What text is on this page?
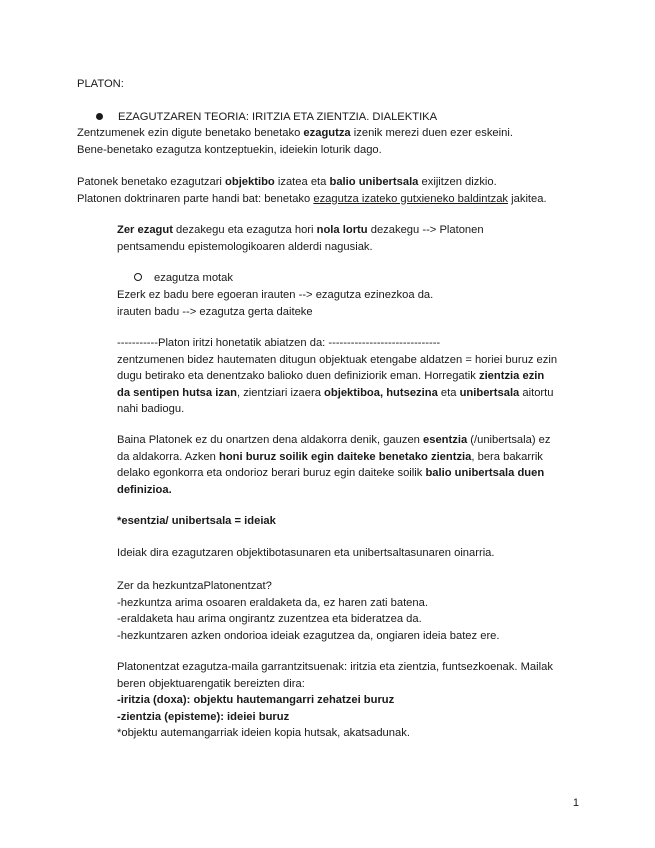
PLATON:

EZAGUTZAREN TEORIA: IRITZIA ETA ZIENTZIA. DIALEKTIKA

Zentzumenek ezin digute benetako benetako ezagutza izenik merezi duen ezer eskeini.

Bene-benetako ezagutza kontzeptuekin, ideiekin loturik dago.

Patonek benetako ezagutzari objektibo izatea eta balio unibertsala exijitzen dizkio.

Platonen doktrinaren parte handi bat: benetako ezagutza izateko gutxieneko baldintzak jakitea.

Zer ezagut dezakegu eta ezagutza hori nola lortu dezakegu --> Platonen

pentsamendu epistemologikoaren alderdi nagusiak.

ezagutza motak

Ezerk ez badu bere egoeran irauten --> ezagutza ezinezkoa da.

irauten badu --> ezagutza gerta daiteke

-----------Platon iritzi honetatik abiatzen da: ------------------------------

zentzumenen bidez hautematen ditugun objektuak etengabe aldatzen = horiei buruz ezin

dugu betirako eta denentzako balioko duen definiziorik eman. Horregatik zientzia ezin

da sentipen hutsa izan, zientziari izaera objektiboa, hutsezina eta unibertsala aitortu

nahi badiogu.

Baina Platonek ez du onartzen dena aldakorra denik, gauzen esentzia (/unibertsala) ez

da aldakorra. Azken honi buruz soilik egin daiteke benetako zientzia, bera bakarrik

delako egonkorra eta ondorioz berari buruz egin daiteke soilik balio unibertsala duen

definizioa.

*esentzia/ unibertsala = ideiak

Ideiak dira ezagutzaren objektibotasunaren eta unibertsaltasunaren oinarria.

Zer da hezkuntzaPlatonentzat?

-hezkuntza arima osoaren eraldaketa da, ez haren zati batena.

-eraldaketa hau arima ongirantz zuzentzea eta bideratzea da.

-hezkuntzaren azken ondorioa ideiak ezagutzea da, ongiaren ideia batez ere.

Platonentzat ezagutza-maila garrantzitsuenak: iritzia eta zientzia, funtsezkoenak. Mailak

beren objektuarengatik bereizten dira:

-iritzia (doxa): objektu hautemangarri zehatzei buruz

-zientzia (episteme): ideiei buruz

*objektu autemangarriak ideien kopia hutsak, akatsadunak.

1
